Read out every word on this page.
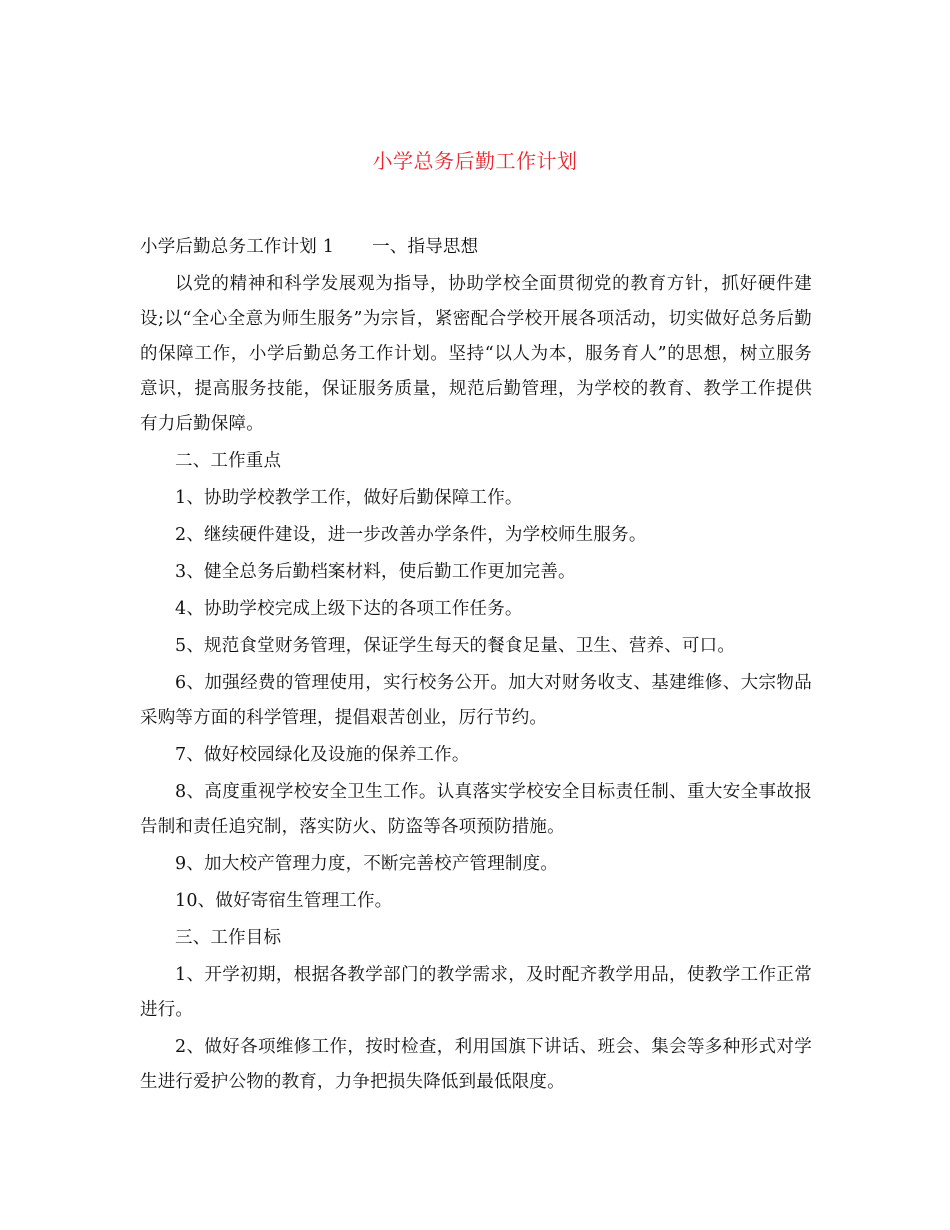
小学总务后勤工作计划
小学后勤总务工作计划 1 一、指导思想

以党的精神和科学发展观为指导，协助学校全面贯彻党的教育方针，抓好硬件建设;以“全心全意为师生服务”为宗旨，紧密配合学校开展各项活动，切实做好总务后勤的保障工作，小学后勤总务工作计划。坚持“以人为本，服务育人”的思想，树立服务意识，提高服务技能，保证服务质量，规范后勤管理，为学校的教育、教学工作提供有力后勤保障。

二、工作重点

1、协助学校教学工作，做好后勤保障工作。

2、继续硬件建设，进一步改善办学条件，为学校师生服务。

3、健全总务后勤档案材料，使后勤工作更加完善。

4、协助学校完成上级下达的各项工作任务。

5、规范食堂财务管理，保证学生每天的餐食足量、卫生、营养、可口。

6、加强经费的管理使用，实行校务公开。加大对财务收支、基建维修、大宗物品采购等方面的科学管理，提倡艰苦创业，厉行节约。

7、做好校园绿化及设施的保养工作。

8、高度重视学校安全卫生工作。认真落实学校安全目标责任制、重大安全事故报告制和责任追究制，落实防火、防盗等各项预防措施。

9、加大校产管理力度，不断完善校产管理制度。

10、做好寄宿生管理工作。

三、工作目标

1、开学初期，根据各教学部门的教学需求，及时配齐教学用品，使教学工作正常进行。

2、做好各项维修工作，按时检查，利用国旗下讲话、班会、集会等多种形式对学生进行爱护公物的教育，力争把损失降低到最低限度。
